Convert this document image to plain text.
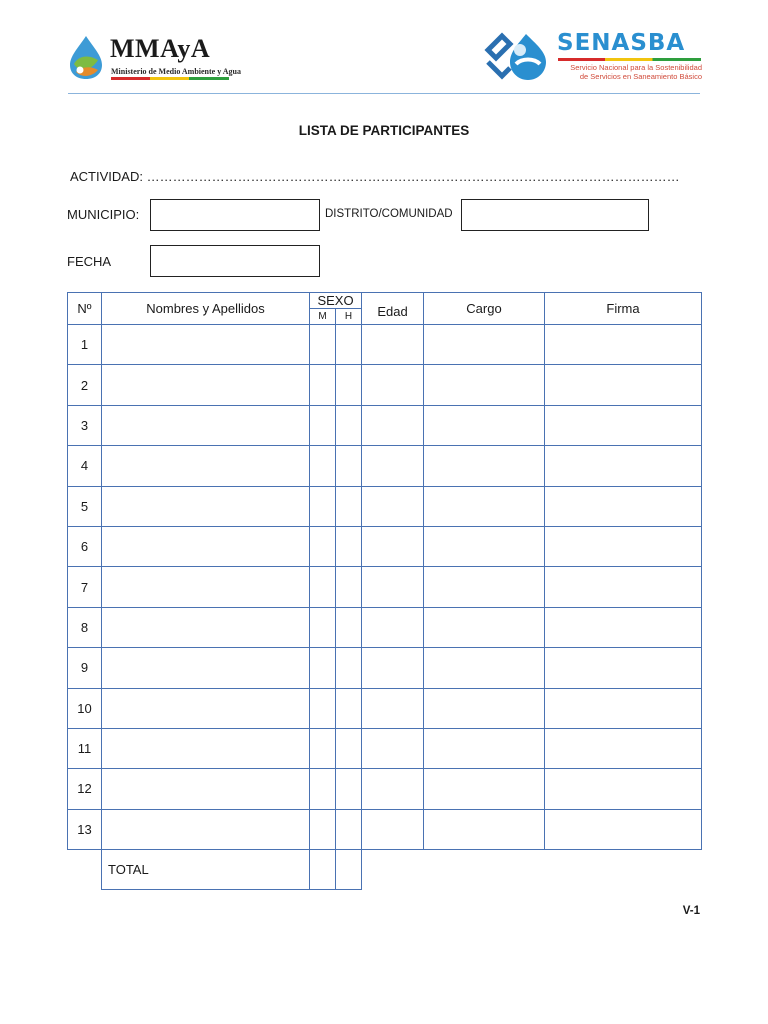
MMAyA
Ministerio de Medio Ambiente y Agua
SENASBA
Servicio Nacional para la Sostenibilidad
de Servicios en Saneamiento Básico
LISTA DE PARTICIPANTES
ACTIVIDAD: ……………………………………………………………………………………………………………
MUNICIPIO:	DISTRITO/COMUNIDAD
FECHA
Nº	Nombres y Apellidos	SEXO		Edad	Cargo	Firma
		M	H			
1						
2						
3						
4						
5						
6						
7						
8						
9						
10						
11						
12						
13						
	TOTAL					
V-1
